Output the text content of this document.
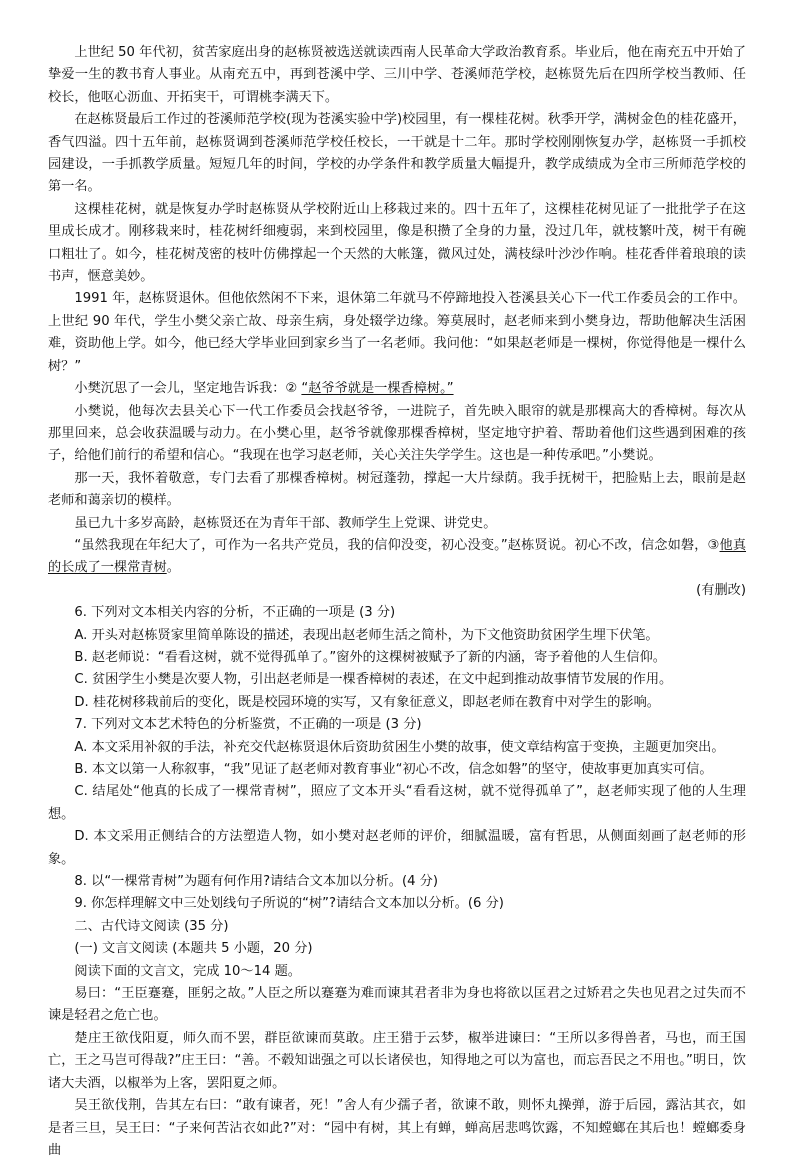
上世纪 50 年代初，贫苦家庭出身的赵栋贤被选送就读西南人民革命大学政治教育系。毕业后，他在南充五中开始了挚爱一生的教书育人事业。从南充五中，再到苍溪中学、三川中学、苍溪师范学校，赵栋贤先后在四所学校当教师、任校长，他呕心沥血、开拓実干，可谓桃李满天下。

在赵栋贤最后工作过的苍溪师范学校(现为苍溪实验中学)校园里，有一棵桂花树。秋季开学，满树金色的桂花盛开，香气四溢。四十五年前，赵栋贤调到苍溪师范学校任校长，一干就是十二年。那时学校刚刚恢复办学，赵栋贤一手抓校园建设，一手抓教学质量。短短几年的时间，学校的办学条件和教学质量大幅提升，教学成绩成为全市三所师范学校的第一名。

这棵桂花树，就是恢复办学时赵栋贤从学校附近山上移栽过来的。四十五年了，这棵桂花树见证了一批批学子在这里成长成才。刚移栽来时，桂花树纤细瘦弱，来到校园里，像是积攒了全身的力量，没过几年，就枝繁叶茂，树干有碗口粗壮了。如今，桂花树茂密的枝叶仿佛撑起一个天然的大帐篷，微风过处，满枝绿叶沙沙作响。桂花香伴着琅琅的读书声，惬意美妙。

1991 年，赵栋贤退休。但他依然闲不下来，退休第二年就马不停蹄地投入苍溪县关心下一代工作委员会的工作中。上世纪 90 年代，学生小樊父亲亡故、母亲生病，身处辍学边缘。筹莫展时，赵老师来到小樊身边，帮助他解决生活困难，资助他上学。如今，他已经大学毕业回到家乡当了一名老师。我问他：“如果赵老师是一棵树，你觉得他是一棵什么树？”

小樊沉思了一会儿，坚定地告诉我：② “赵爷爷就是一棵香樟树。”

小樊说，他每次去县关心下一代工作委员会找赵爷爷，一进院子，首先映入眼帘的就是那棵高大的香樟树。每次从那里回来，总会收获温暖与动力。在小樊心里，赵爷爷就像那棵香樟树，坚定地守护着、帮助着他们这些遇到困难的孩子，给他们前行的希望和信心。“我现在也学习赵老师，关心关注失学学生。这也是一种传承吧。”小樊说。

那一天，我怀着敬意，专门去看了那棵香樟树。树冠蓬勃，撑起一大片绿荫。我手抚树干，把脸贴上去，眼前是赵老师和蔼亲切的模样。

虽已九十多岁高龄，赵栋贤还在为青年干部、教师学生上党课、讲党史。

“虽然我现在年纪大了，可作为一名共产党员，我的信仰没变，初心没变。”赵栋贤说。初心不改，信念如磐，③他真的长成了一棵常青树。

(有删改)

6. 下列对文本相关内容的分析，不正确的一项是 (3 分)

A. 开头对赵栋贤家里简单陈设的描述，表现出赵老师生活之简朴，为下文他资助贫困学生埋下伏笔。

B. 赵老师说：“看看这树，就不觉得孤单了。”窗外的这棵树被赋予了新的内涵，寄予着他的人生信仰。

C. 贫困学生小樊是次要人物，引出赵老师是一棵香樟树的表述，在文中起到推动故事情节发展的作用。

D. 桂花树移栽前后的变化，既是校园环境的实写，又有象征意义，即赵老师在教育中对学生的影响。

7. 下列对文本艺术特色的分析鉴赏，不正确的一项是 (3 分)

A. 本文采用补叙的手法，补充交代赵栋贤退休后资助贫困生小樊的故事，使文章结构富于变换，主题更加突出。

B. 本文以第一人称叙事，“我”见证了赵老师对教育事业“初心不改，信念如磐”的坚守，使故事更加真实可信。

C. 结尾处“他真的长成了一棵常青树”，照应了文本开头“看看这树，就不觉得孤单了”，赵老师实现了他的人生理想。

D. 本文采用正侧结合的方法塑造人物，如小樊对赵老师的评价，细腻温暖，富有哲思，从侧面刻画了赵老师的形象。

8. 以“一棵常青树”为题有何作用?请结合文本加以分析。(4 分)

9. 你怎样理解文中三处划线句子所说的“树”?请结合文本加以分析。(6 分)

二、古代诗文阅读 (35 分)

(一) 文言文阅读 (本题共 5 小题，20 分)

阅读下面的文言文，完成 10～14 题。

易曰：“王臣蹇蹇，匪躬之故。”人臣之所以蹇蹇为难而谏其君者非为身也将欲以匡君之过矫君之失也见君之过失而不谏是轻君之危亡也。

楚庄王欲伐阳夏，师久而不罢，群臣欲谏而莫敢。庄王猎于云梦，椒举进谏曰：“王所以多得兽者，马也，而王国亡，王之马岂可得哉?”庄王曰：“善。不毂知诎强之可以长诸侯也，知得地之可以为富也，而忘吾民之不用也。”明日，饮诸大夫酒，以椒举为上客，罢阳夏之师。

吴王欲伐荆，告其左右曰：“敢有谏者，死！”舍人有少孺子者，欲谏不敢，则怀丸操弹，游于后园，露沾其衣，如是者三旦，吴王曰：“子来何苦沾衣如此?”对：“园中有树，其上有蝉，蝉高居悲鸣饮露，不知螳螂在其后也！螳螂委身曲
